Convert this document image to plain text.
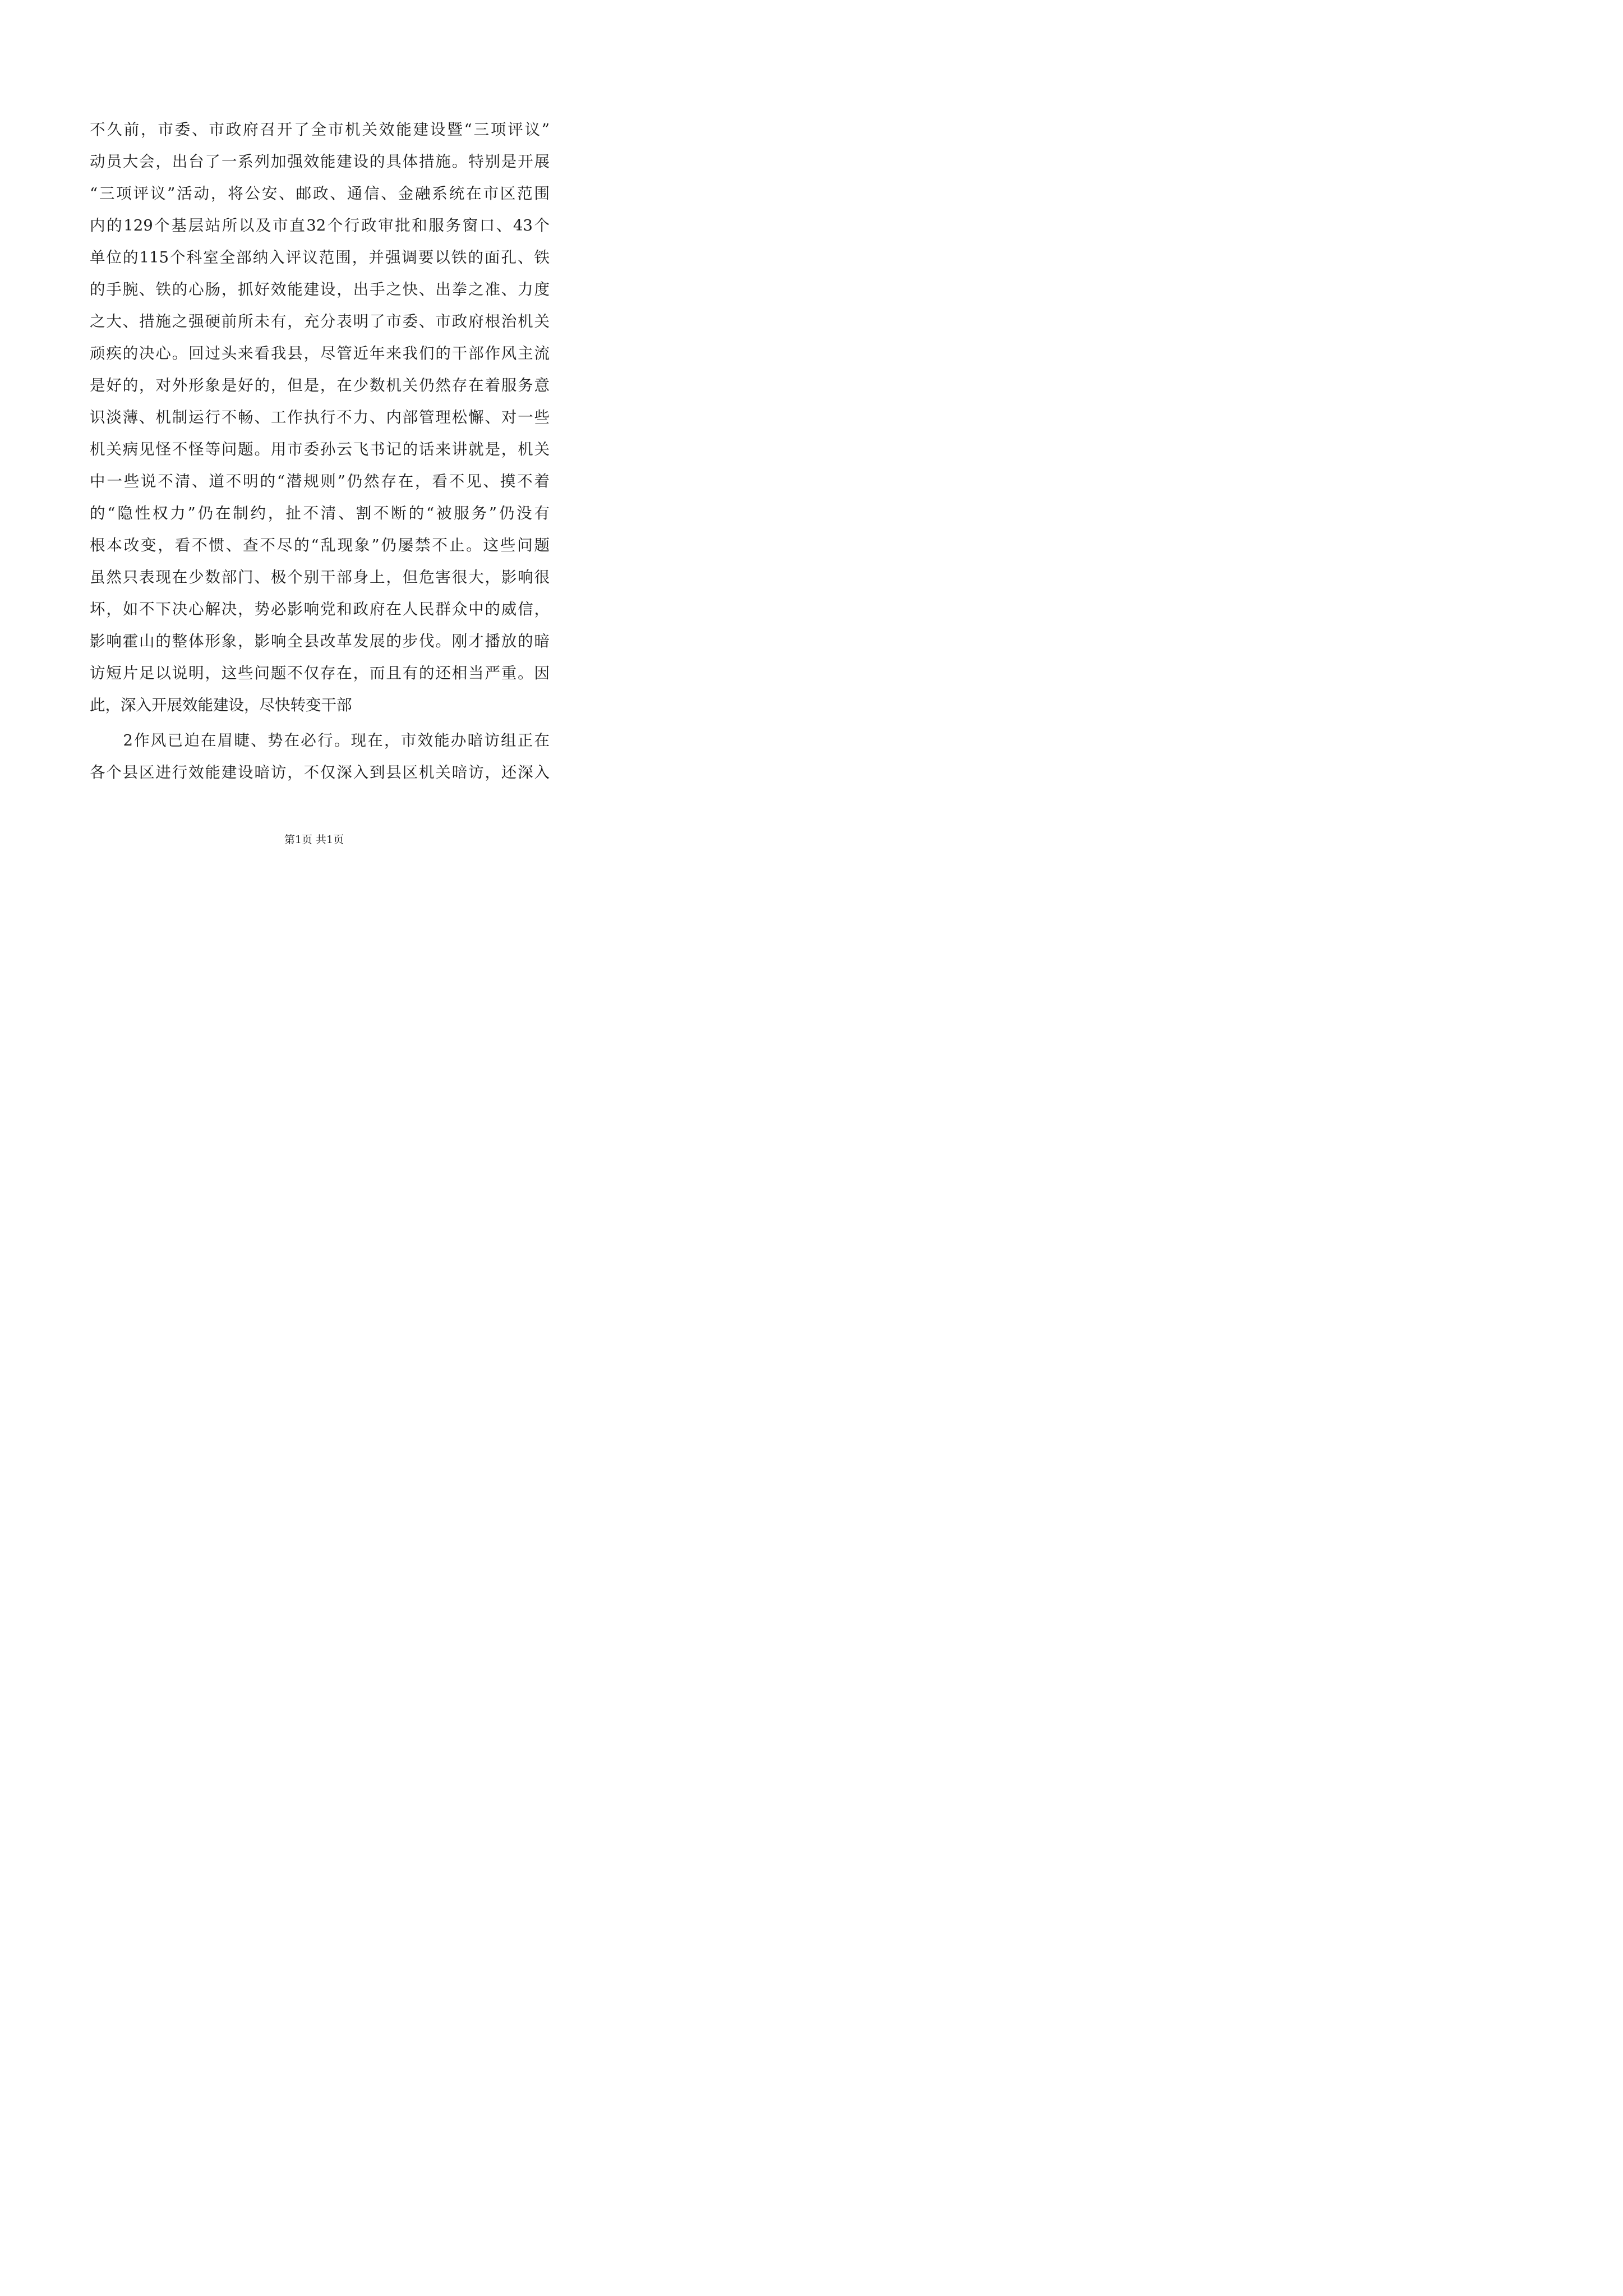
不久前，市委、市政府召开了全市机关效能建设暨“三项评议”
动员大会，出台了一系列加强效能建设的具体措施。特别是开展
“三项评议”活动，将公安、邮政、通信、金融系统在市区范围
内的129个基层站所以及市直32个行政审批和服务窗口、43个
单位的115个科室全部纳入评议范围，并强调要以铁的面孔、铁
的手腕、铁的心肠，抓好效能建设，出手之快、出拳之准、力度
之大、措施之强硬前所未有，充分表明了市委、市政府根治机关
顽疾的决心。回过头来看我县，尽管近年来我们的干部作风主流
是好的，对外形象是好的，但是，在少数机关仍然存在着服务意
识淡薄、机制运行不畅、工作执行不力、内部管理松懈、对一些
机关病见怪不怪等问题。用市委孙云飞书记的话来讲就是，机关
中一些说不清、道不明的“潜规则”仍然存在，看不见、摸不着
的“隐性权力”仍在制约，扯不清、割不断的“被服务”仍没有
根本改变，看不惯、查不尽的“乱现象”仍屡禁不止。这些问题
虽然只表现在少数部门、极个别干部身上，但危害很大，影响很
坏，如不下决心解决，势必影响党和政府在人民群众中的威信，
影响霍山的整体形象，影响全县改革发展的步伐。刚才播放的暗
访短片足以说明，这些问题不仅存在，而且有的还相当严重。因
此，深入开展效能建设，尽快转变干部
　　2作风已迫在眉睫、势在必行。现在，市效能办暗访组正在
各个县区进行效能建设暗访，不仅深入到县区机关暗访，还深入
第1页 共1页
